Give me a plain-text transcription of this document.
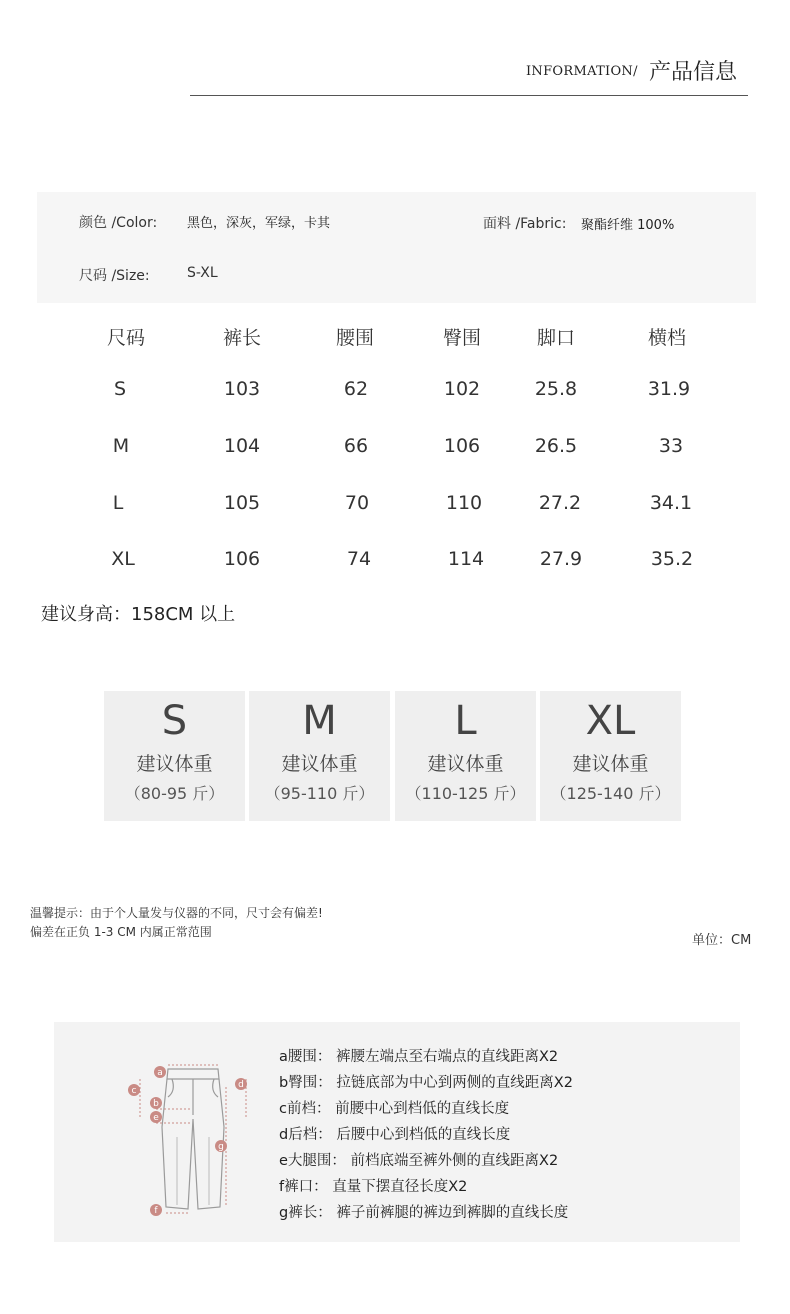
INFORMATION/ 产品信息
颜色 /Color: 黑色，深灰，军绿，卡其	面料 /Fabric: 聚酯纤维 100%
尺码 /Size:	S-XL
尺码	裤长	腰围	臀围	脚口	横档
S	103	62	102	25.8	31.9
M	104	66	106	26.5	33
L	105	70	110	27.2	34.1
XL	106	74	114	27.9	35.2
建议身高：158CM 以上
S
建议体重
（80-95 斤）
M
建议体重
（95-110 斤）
L
建议体重
（110-125 斤）
XL
建议体重
（125-140 斤）
温馨提示：由于个人量发与仪器的不同，尺寸会有偏差!
偏差在正负 1-3 CM 内属正常范围
单位：CM
a
c
d
b
e
f
g
a腰围： 裤腰左端点至右端点的直线距离X2
b臀围： 拉链底部为中心到两侧的直线距离X2
c前档： 前腰中心到档低的直线长度
d后档： 后腰中心到档低的直线长度
e大腿围： 前档底端至裤外侧的直线距离X2
f裤口： 直量下摆直径长度X2
g裤长： 裤子前裤腿的裤边到裤脚的直线长度
